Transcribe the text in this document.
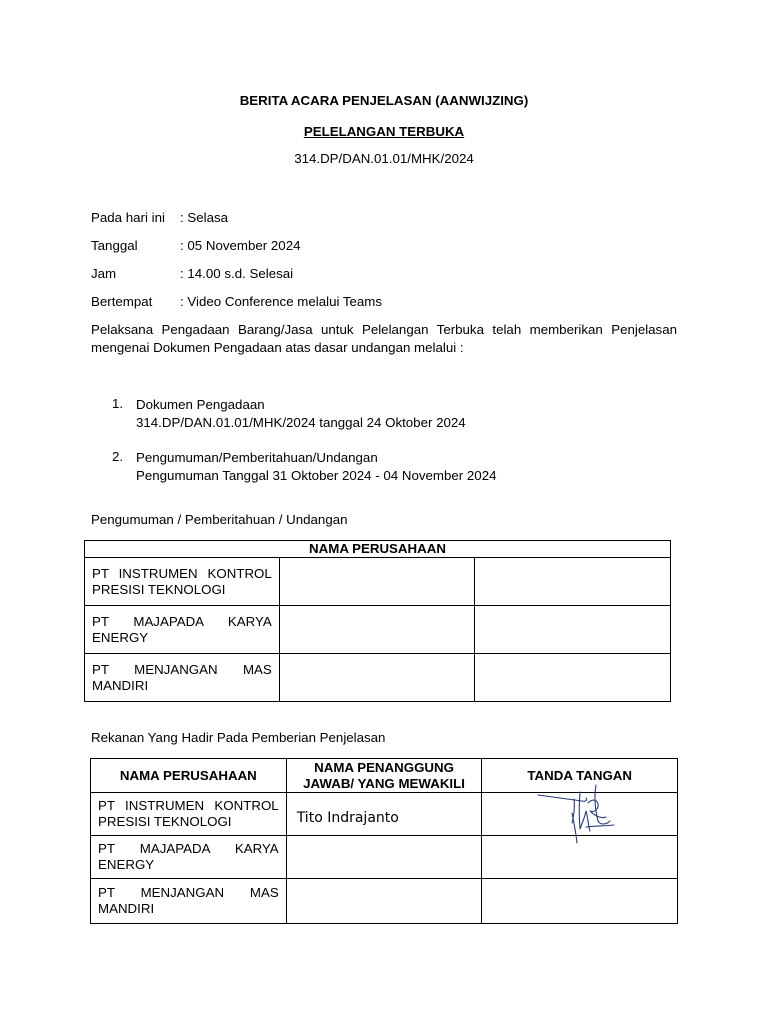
BERITA ACARA PENJELASAN (AANWIJZING)
PELELANGAN TERBUKA
314.DP/DAN.01.01/MHK/2024
Pada hari ini : Selasa
Tanggal	: 05 November 2024
Jam	: 14.00 s.d. Selesai
Bertempat : Video Conference melalui Teams
Pelaksana Pengadaan Barang/Jasa untuk Pelelangan Terbuka telah memberikan Penjelasan mengenai Dokumen Pengadaan atas dasar undangan melalui :
1. Dokumen Pengadaan
314.DP/DAN.01.01/MHK/2024 tanggal 24 Oktober 2024
2. Pengumuman/Pemberitahuan/Undangan
Pengumuman Tanggal 31 Oktober 2024 - 04 November 2024
Pengumuman / Pemberitahuan / Undangan
NAMA PERUSAHAAN		

PT INSTRUMEN KONTROL PRESISI TEKNOLOGI		

PT MAJAPADA KARYA ENERGY		

PT MENJANGAN MAS MANDIRI		

Rekanan Yang Hadir Pada Pemberian Penjelasan
NAMA PERUSAHAAN	NAMA PENANGGUNG JAWAB/ YANG MEWAKILI	TANDA TANGAN

PT INSTRUMEN KONTROL PRESISI TEKNOLOGI	Tito Indrajanto

PT MAJAPADA KARYA ENERGY		

PT MENJANGAN MAS MANDIRI		
